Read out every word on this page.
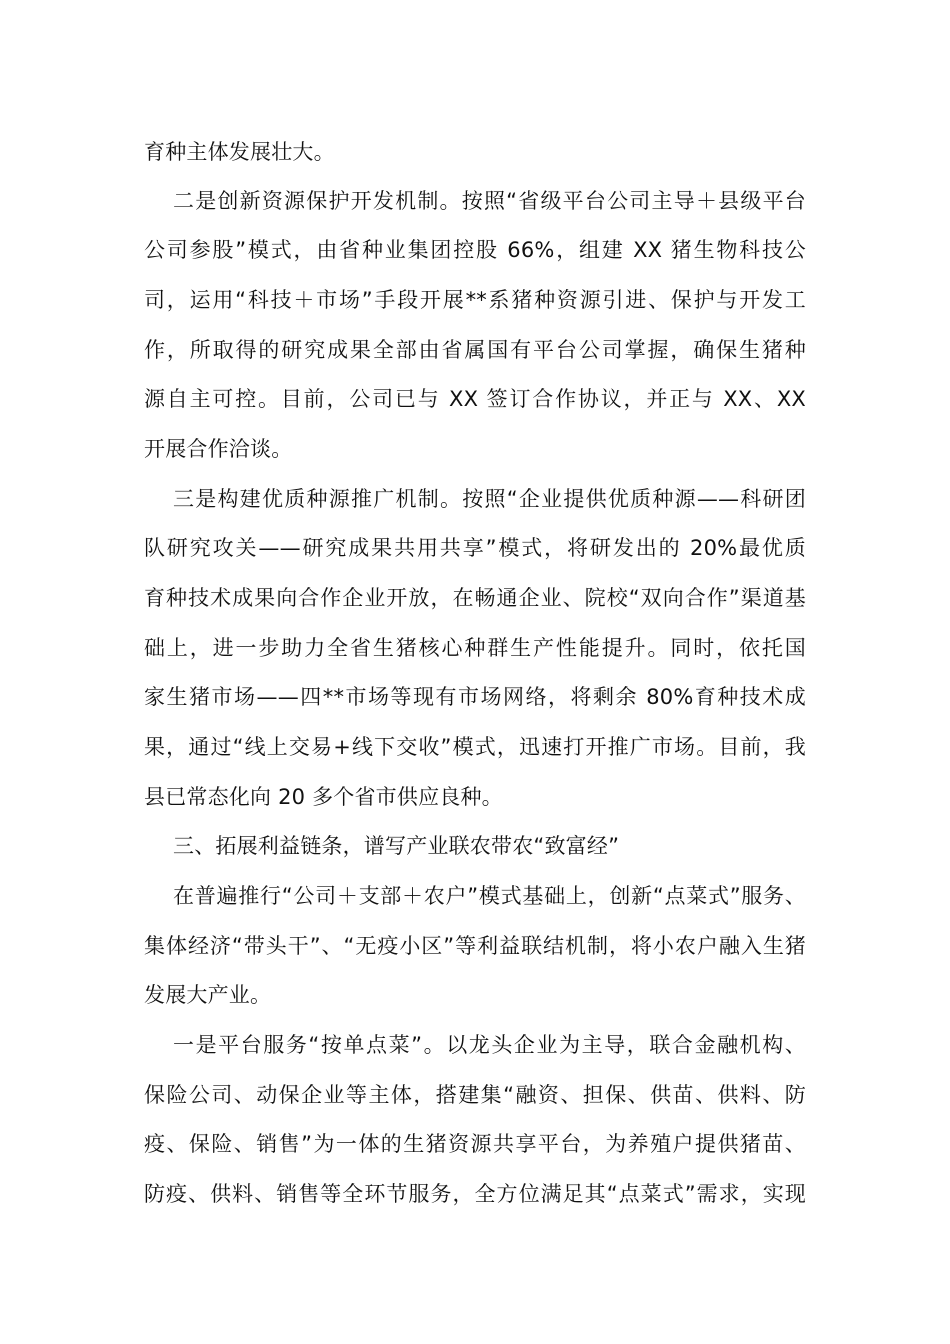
育种主体发展壮大。
二是创新资源保护开发机制。按照“省级平台公司主导＋县级平台
公司参股”模式，由省种业集团控股 66%，组建 XX 猪生物科技公
司，运用“科技＋市场”手段开展**系猪种资源引进、保护与开发工
作，所取得的研究成果全部由省属国有平台公司掌握，确保生猪种
源自主可控。目前，公司已与 XX 签订合作协议，并正与 XX、XX
开展合作洽谈。
三是构建优质种源推广机制。按照“企业提供优质种源——科研团
队研究攻关——研究成果共用共享”模式，将研发出的 20%最优质
育种技术成果向合作企业开放，在畅通企业、院校“双向合作”渠道基
础上，进一步助力全省生猪核心种群生产性能提升。同时，依托国
家生猪市场——四**市场等现有市场网络，将剩余 80%育种技术成
果，通过“线上交易+线下交收”模式，迅速打开推广市场。目前，我
县已常态化向 20 多个省市供应良种。
三、拓展利益链条，谱写产业联农带农“致富经”
在普遍推行“公司＋支部＋农户”模式基础上，创新“点菜式”服务、
集体经济“带头干”、“无疫小区”等利益联结机制，将小农户融入生猪
发展大产业。
一是平台服务“按单点菜”。以龙头企业为主导，联合金融机构、
保险公司、动保企业等主体，搭建集“融资、担保、供苗、供料、防
疫、保险、销售”为一体的生猪资源共享平台，为养殖户提供猪苗、
防疫、供料、销售等全环节服务，全方位满足其“点菜式”需求，实现
